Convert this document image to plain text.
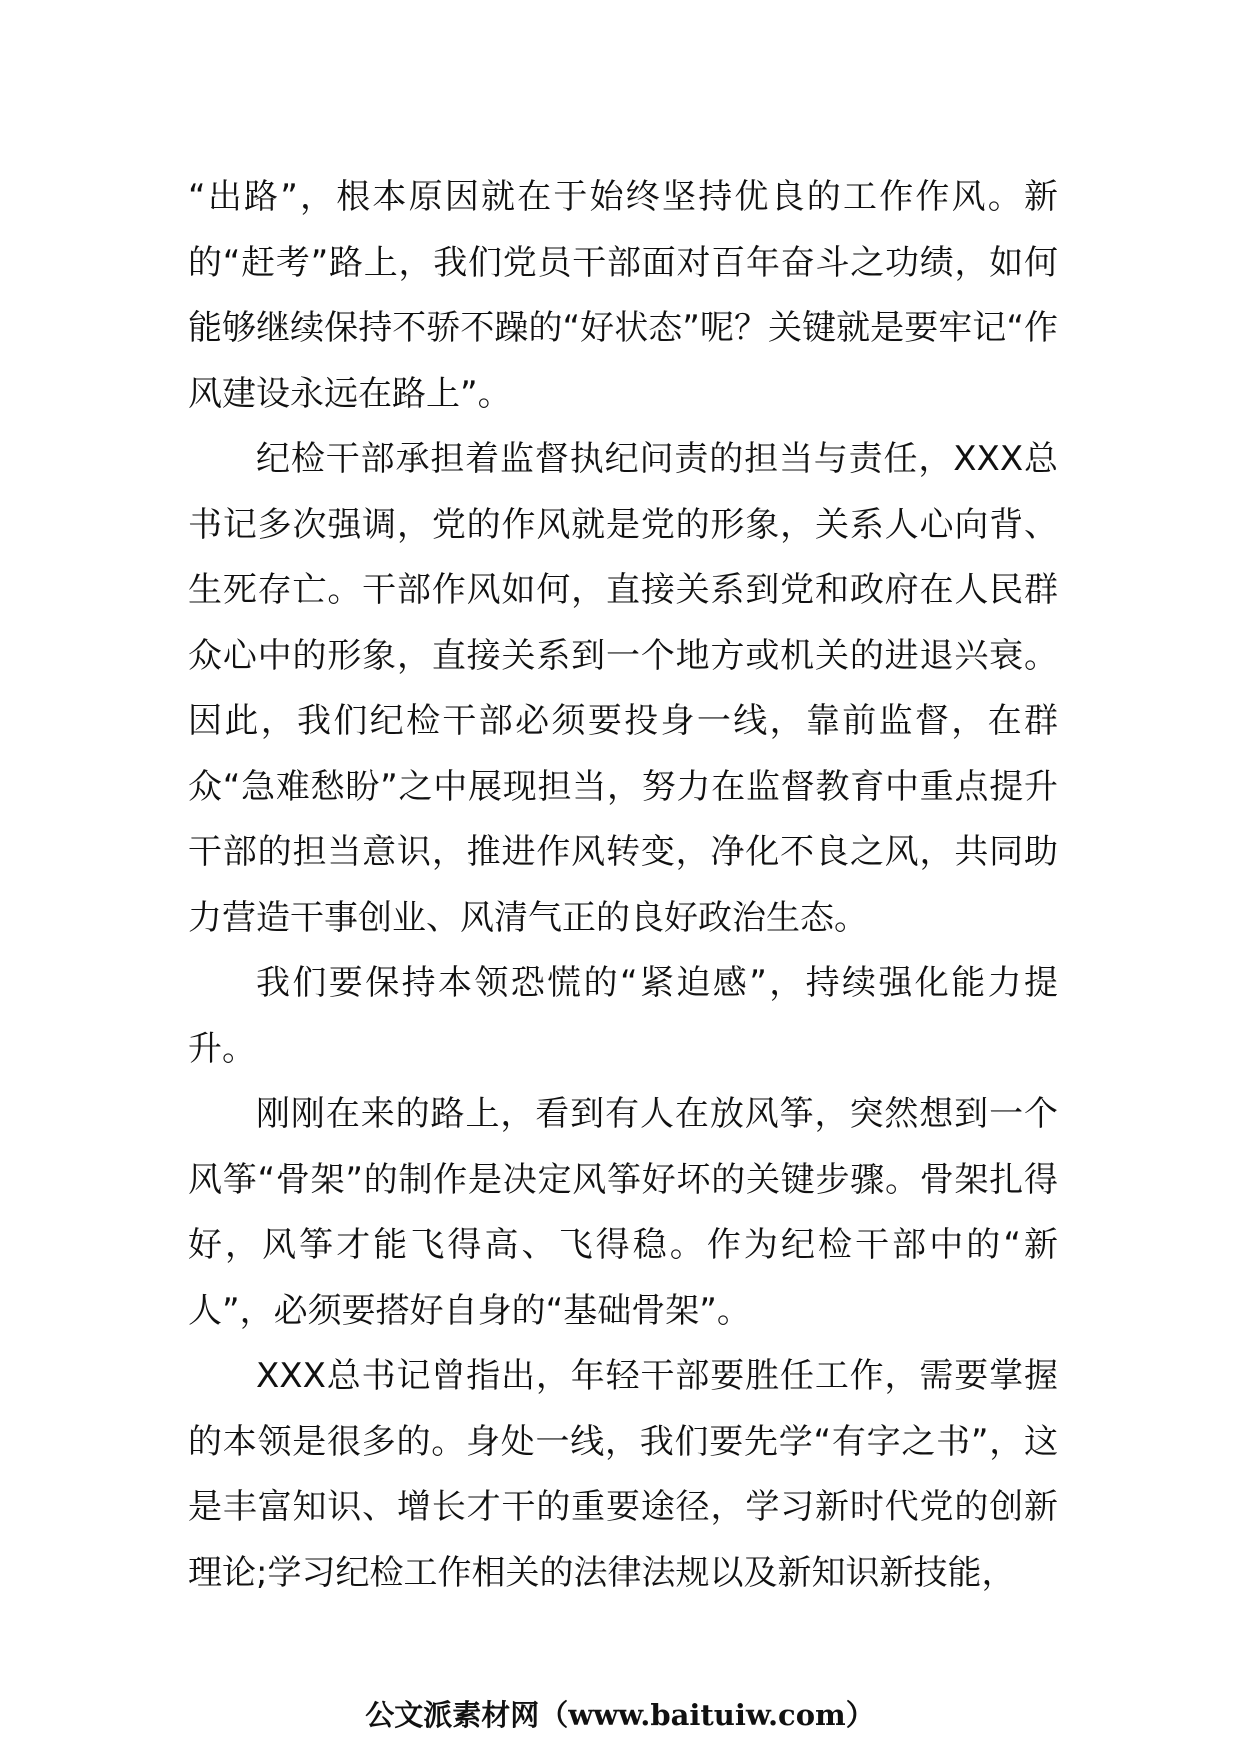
“出路”，根本原因就在于始终坚持优良的工作作风。新的“赶考”路上，我们党员干部面对百年奋斗之功绩，如何能够继续保持不骄不躁的“好状态”呢？关键就是要牢记“作风建设永远在路上”。

纪检干部承担着监督执纪问责的担当与责任，XXX总书记多次强调，党的作风就是党的形象，关系人心向背、生死存亡。干部作风如何，直接关系到党和政府在人民群众心中的形象，直接关系到一个地方或机关的进退兴衰。因此，我们纪检干部必须要投身一线，靠前监督，在群众“急难愁盼”之中展现担当，努力在监督教育中重点提升干部的担当意识，推进作风转变，净化不良之风，共同助力营造干事创业、风清气正的良好政治生态。

我们要保持本领恐慌的“紧迫感”，持续强化能力提升。

刚刚在来的路上，看到有人在放风筝，突然想到一个风筝“骨架”的制作是决定风筝好坏的关键步骤。骨架扎得好，风筝才能飞得高、飞得稳。作为纪检干部中的“新人”，必须要搭好自身的“基础骨架”。

XXX总书记曾指出，年轻干部要胜任工作，需要掌握的本领是很多的。身处一线，我们要先学“有字之书”，这是丰富知识、增长才干的重要途径，学习新时代党的创新理论;学习纪检工作相关的法律法规以及新知识新技能，

公文派素材网（www.baituiw.com）
